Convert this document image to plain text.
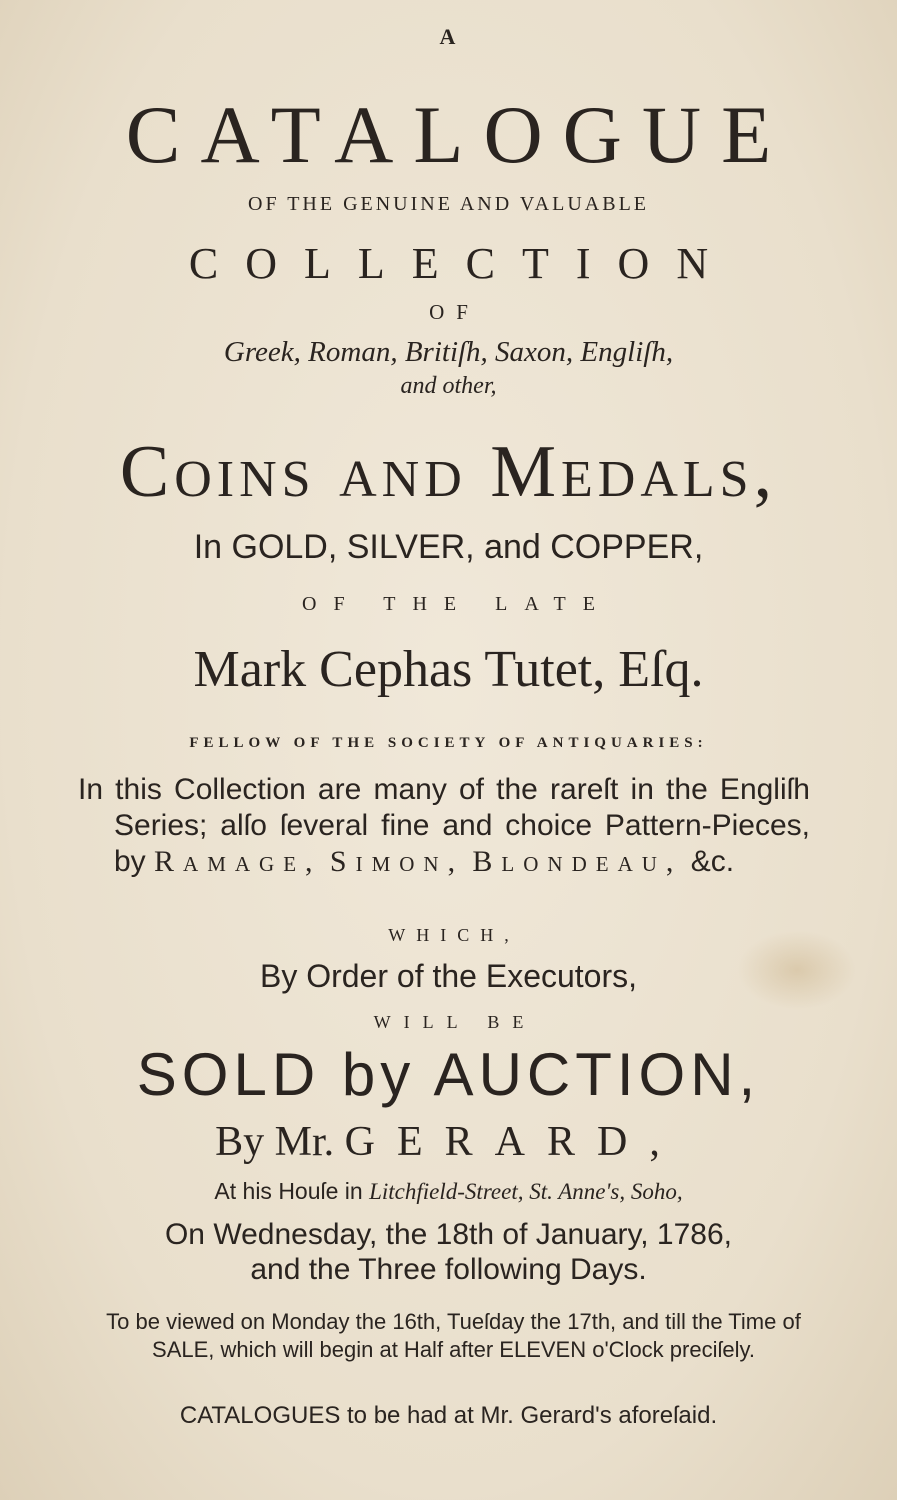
A
CATALOGUE
OF THE GENUINE AND VALUABLE
COLLECTION
OF
Greek, Roman, Britiſh, Saxon, Engliſh,
and other,
Coins and Medals,
In GOLD, SILVER, and COPPER,
OF THE LATE
Mark Cephas Tutet, Eſq.
FELLOW OF THE SOCIETY OF ANTIQUARIES:
In this Collection are many of the rareſt in the Engliſh Series; alſo ſeveral fine and choice Pattern-Pieces, by Ramage, Simon, Blondeau, &c.
WHICH,
By Order of the Executors,
WILL BE
SOLD by AUCTION,
By Mr. GERARD,
At his Houſe in Litchfield-Street, St. Anne's, Soho,
On Wednesday, the 18th of January, 1786,
and the Three following Days.
To be viewed on Monday the 16th, Tueſday the 17th, and till the Time of SALE, which will begin at Half after ELEVEN o'Clock preciſely.
CATALOGUES to be had at Mr. Gerard's aforeſaid.
